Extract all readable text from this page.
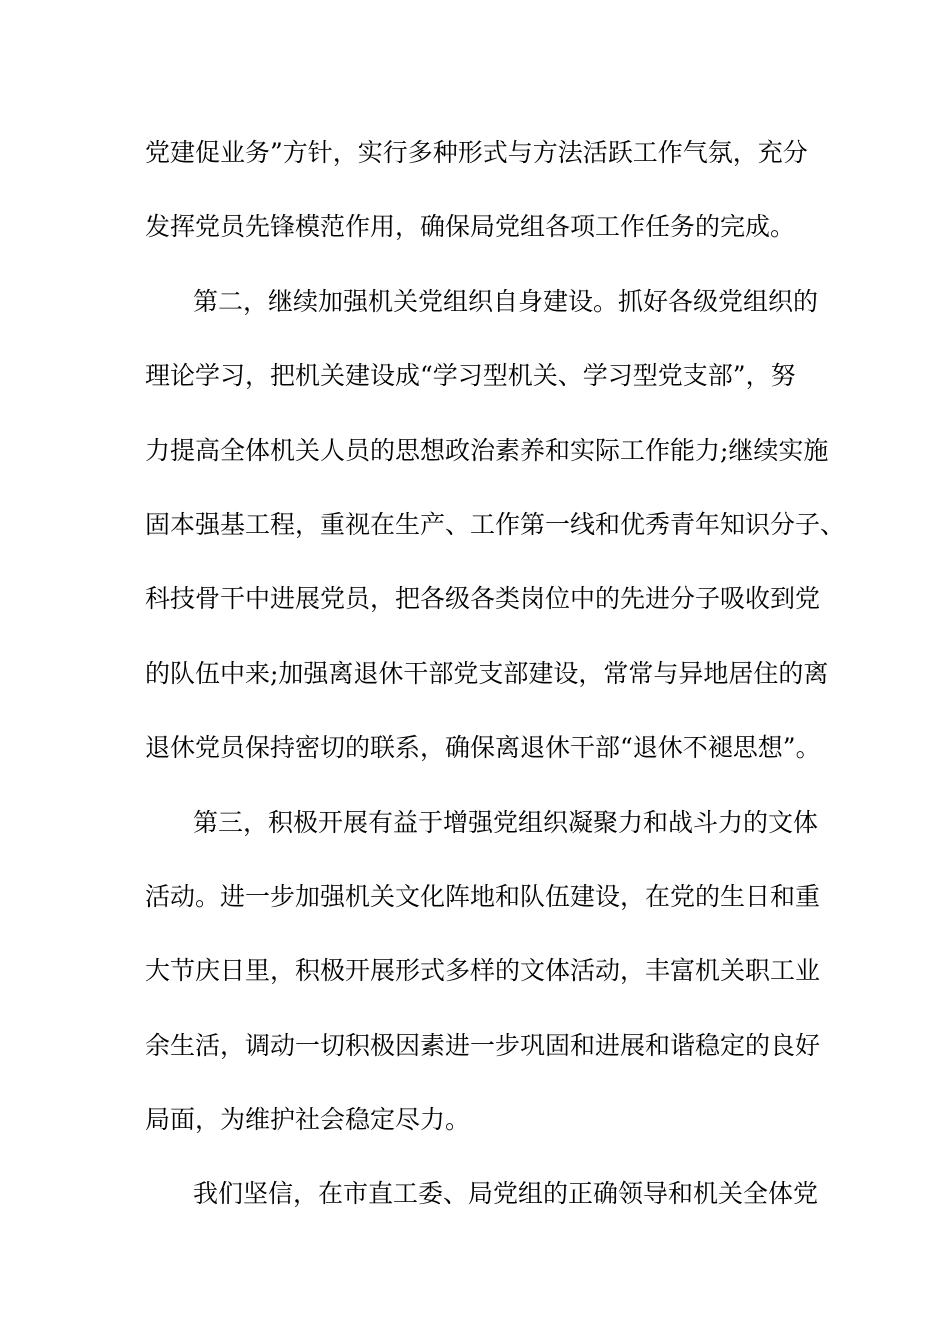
党建促业务”方针，实行多种形式与方法活跃工作气氛，充分
发挥党员先锋模范作用，确保局党组各项工作任务的完成。
第二，继续加强机关党组织自身建设。抓好各级党组织的
理论学习，把机关建设成“学习型机关、学习型党支部”，努
力提高全体机关人员的思想政治素养和实际工作能力;继续实施
固本强基工程，重视在生产、工作第一线和优秀青年知识分子、
科技骨干中进展党员，把各级各类岗位中的先进分子吸收到党
的队伍中来;加强离退休干部党支部建设，常常与异地居住的离
退休党员保持密切的联系，确保离退休干部“退休不褪思想”。
第三，积极开展有益于增强党组织凝聚力和战斗力的文体
活动。进一步加强机关文化阵地和队伍建设，在党的生日和重
大节庆日里，积极开展形式多样的文体活动，丰富机关职工业
余生活，调动一切积极因素进一步巩固和进展和谐稳定的良好
局面，为维护社会稳定尽力。
我们坚信，在市直工委、局党组的正确领导和机关全体党
